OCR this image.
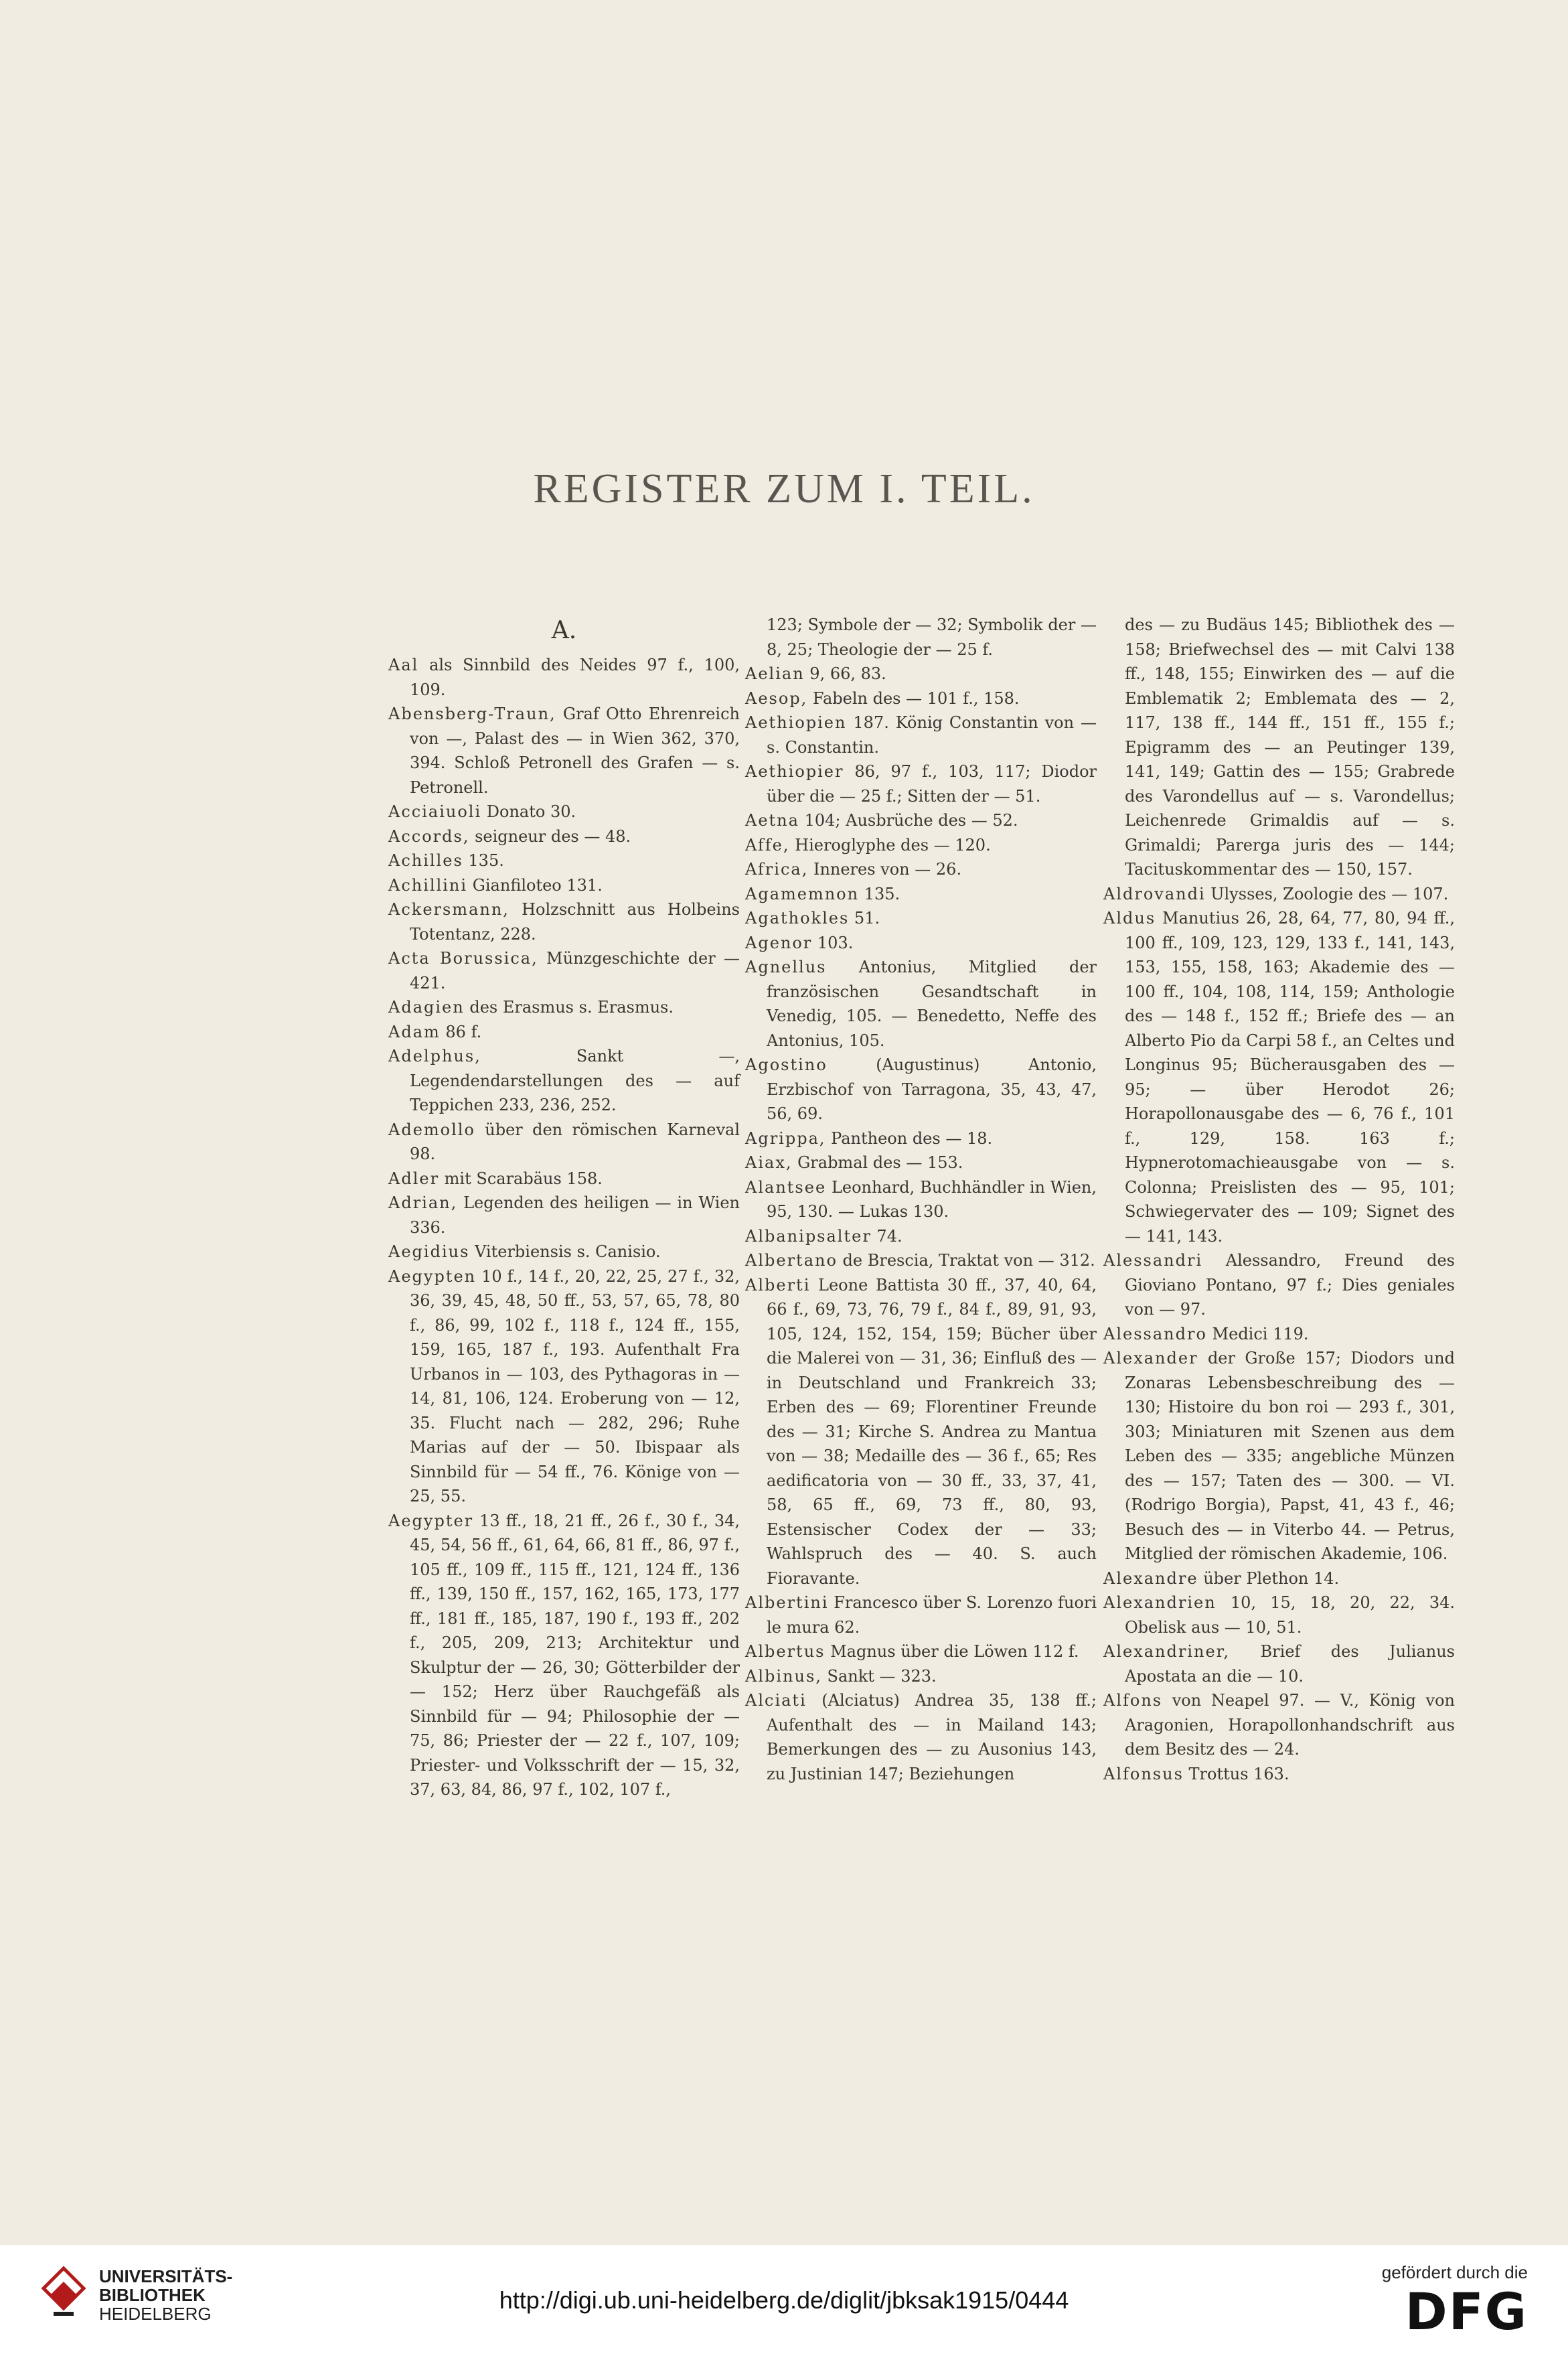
REGISTER ZUM I. TEIL.
A.

Aal als Sinnbild des Neides 97 f., 100, 109.

Abensberg-Traun, Graf Otto Ehrenreich von —, Palast des — in Wien 362, 370, 394. Schloß Petronell des Grafen — s. Petronell.

Acciaiuoli Donato 30.

Accords, seigneur des — 48.

Achilles 135.

Achillini Gianfiloteo 131.

Ackersmann, Holzschnitt aus Holbeins Totentanz, 228.

Acta Borussica, Münzgeschichte der — 421.

Adagien des Erasmus s. Erasmus.

Adam 86 f.

Adelphus, Sankt —, Legendendarstellungen des — auf Teppichen 233, 236, 252.

Ademollo über den römischen Karneval 98.

Adler mit Scarabäus 158.

Adrian, Legenden des heiligen — in Wien 336.

Aegidius Viterbiensis s. Canisio.

Aegypten 10 f., 14 f., 20, 22, 25, 27 f., 32, 36, 39, 45, 48, 50 ff., 53, 57, 65, 78, 80 f., 86, 99, 102 f., 118 f., 124 ff., 155, 159, 165, 187 f., 193. Aufenthalt Fra Urbanos in — 103, des Pythagoras in — 14, 81, 106, 124. Eroberung von — 12, 35. Flucht nach — 282, 296; Ruhe Marias auf der — 50. Ibispaar als Sinnbild für — 54 ff., 76. Könige von — 25, 55.

Aegypter 13 ff., 18, 21 ff., 26 f., 30 f., 34, 45, 54, 56 ff., 61, 64, 66, 81 ff., 86, 97 f., 105 ff., 109 ff., 115 ff., 121, 124 ff., 136 ff., 139, 150 ff., 157, 162, 165, 173, 177 ff., 181 ff., 185, 187, 190 f., 193 ff., 202 f., 205, 209, 213; Architektur und Skulptur der — 26, 30; Götterbilder der — 152; Herz über Rauchgefäß als Sinnbild für — 94; Philosophie der — 75, 86; Priester der — 22 f., 107, 109; Priester- und Volksschrift der — 15, 32, 37, 63, 84, 86, 97 f., 102, 107 f.,

123; Symbole der — 32; Symbolik der — 8, 25; Theologie der — 25 f.

Aelian 9, 66, 83.

Aesop, Fabeln des — 101 f., 158.

Aethiopien 187. König Constantin von — s. Constantin.

Aethiopier 86, 97 f., 103, 117; Diodor über die — 25 f.; Sitten der — 51.

Aetna 104; Ausbrüche des — 52.

Affe, Hieroglyphe des — 120.

Africa, Inneres von — 26.

Agamemnon 135.

Agathokles 51.

Agenor 103.

Agnellus Antonius, Mitglied der französischen Gesandtschaft in Venedig, 105. — Benedetto, Neffe des Antonius, 105.

Agostino (Augustinus) Antonio, Erzbischof von Tarragona, 35, 43, 47, 56, 69.

Agrippa, Pantheon des — 18.

Aiax, Grabmal des — 153.

Alantsee Leonhard, Buchhändler in Wien, 95, 130. — Lukas 130.

Albanipsalter 74.

Albertano de Brescia, Traktat von — 312.

Alberti Leone Battista 30 ff., 37, 40, 64, 66 f., 69, 73, 76, 79 f., 84 f., 89, 91, 93, 105, 124, 152, 154, 159; Bücher über die Malerei von — 31, 36; Einfluß des — in Deutschland und Frankreich 33; Erben des — 69; Florentiner Freunde des — 31; Kirche S. Andrea zu Mantua von — 38; Medaille des — 36 f., 65; Res aedificatoria von — 30 ff., 33, 37, 41, 58, 65 ff., 69, 73 ff., 80, 93, Estensischer Codex der — 33; Wahlspruch des — 40. S. auch Fioravante.

Albertini Francesco über S. Lorenzo fuori le mura 62.

Albertus Magnus über die Löwen 112 f.

Albinus, Sankt — 323.

Alciati (Alciatus) Andrea 35, 138 ff.; Aufenthalt des — in Mailand 143; Bemerkungen des — zu Ausonius 143, zu Justinian 147; Beziehungen

des — zu Budäus 145; Bibliothek des — 158; Briefwechsel des — mit Calvi 138 ff., 148, 155; Einwirken des — auf die Emblematik 2; Emblemata des — 2, 117, 138 ff., 144 ff., 151 ff., 155 f.; Epigramm des — an Peutinger 139, 141, 149; Gattin des — 155; Grabrede des Varondellus auf — s. Varondellus; Leichenrede Grimaldis auf — s. Grimaldi; Parerga juris des — 144; Tacituskommentar des — 150, 157.

Aldrovandi Ulysses, Zoologie des — 107.

Aldus Manutius 26, 28, 64, 77, 80, 94 ff., 100 ff., 109, 123, 129, 133 f., 141, 143, 153, 155, 158, 163; Akademie des — 100 ff., 104, 108, 114, 159; Anthologie des — 148 f., 152 ff.; Briefe des — an Alberto Pio da Carpi 58 f., an Celtes und Longinus 95; Bücherausgaben des — 95; — über Herodot 26; Horapollonausgabe des — 6, 76 f., 101 f., 129, 158. 163 f.; Hypnerotomachieausgabe von — s. Colonna; Preislisten des — 95, 101; Schwiegervater des — 109; Signet des — 141, 143.

Alessandri Alessandro, Freund des Gioviano Pontano, 97 f.; Dies geniales von — 97.

Alessandro Medici 119.

Alexander der Große 157; Diodors und Zonaras Lebensbeschreibung des — 130; Histoire du bon roi — 293 f., 301, 303; Miniaturen mit Szenen aus dem Leben des — 335; angebliche Münzen des — 157; Taten des — 300. — VI. (Rodrigo Borgia), Papst, 41, 43 f., 46; Besuch des — in Viterbo 44. — Petrus, Mitglied der römischen Akademie, 106.

Alexandre über Plethon 14.

Alexandrien 10, 15, 18, 20, 22, 34. Obelisk aus — 10, 51.

Alexandriner, Brief des Julianus Apostata an die — 10.

Alfons von Neapel 97. — V., König von Aragonien, Horapollonhandschrift aus dem Besitz des — 24.

Alfonsus Trottus 163.

UNIVERSITÄTS-
BIBLIOTHEK
HEIDELBERG	http://digi.ub.uni-heidelberg.de/diglit/jbksak1915/0444
gefördert durch die
DFG
